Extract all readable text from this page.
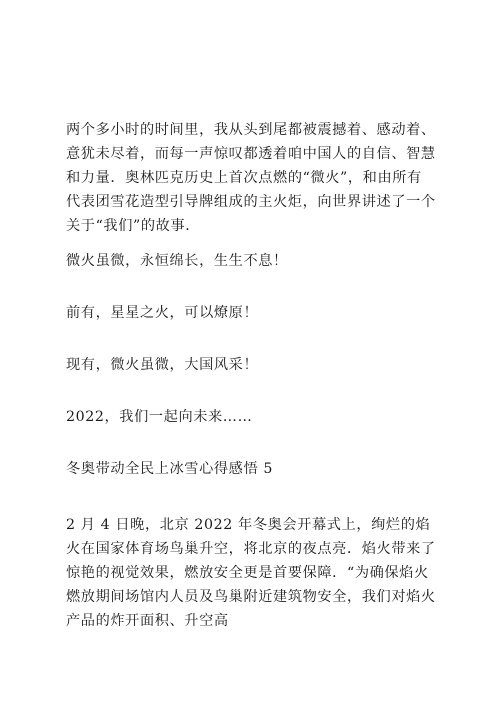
两个多小时的时间里，我从头到尾都被震撼着、感动着、意犹未尽着，而每一声惊叹都透着咱中国人的自信、智慧和力量．奥林匹克历史上首次点燃的“微火”，和由所有代表团雪花造型引导牌组成的主火炬，向世界讲述了一个关于“我们”的故事．

微火虽微，永恒绵长，生生不息！

前有，星星之火，可以燎原！

现有，微火虽微，大国风采！

2022，我们一起向未来……

冬奥带动全民上冰雪心得感悟 5

2 月 4 日晚，北京 2022 年冬奥会开幕式上，绚烂的焰火在国家体育场鸟巢升空，将北京的夜点亮．焰火带来了惊艳的视觉效果，燃放安全更是首要保障．“为确保焰火燃放期间场馆内人员及鸟巢附近建筑物安全，我们对焰火产品的炸开面积、升空高
